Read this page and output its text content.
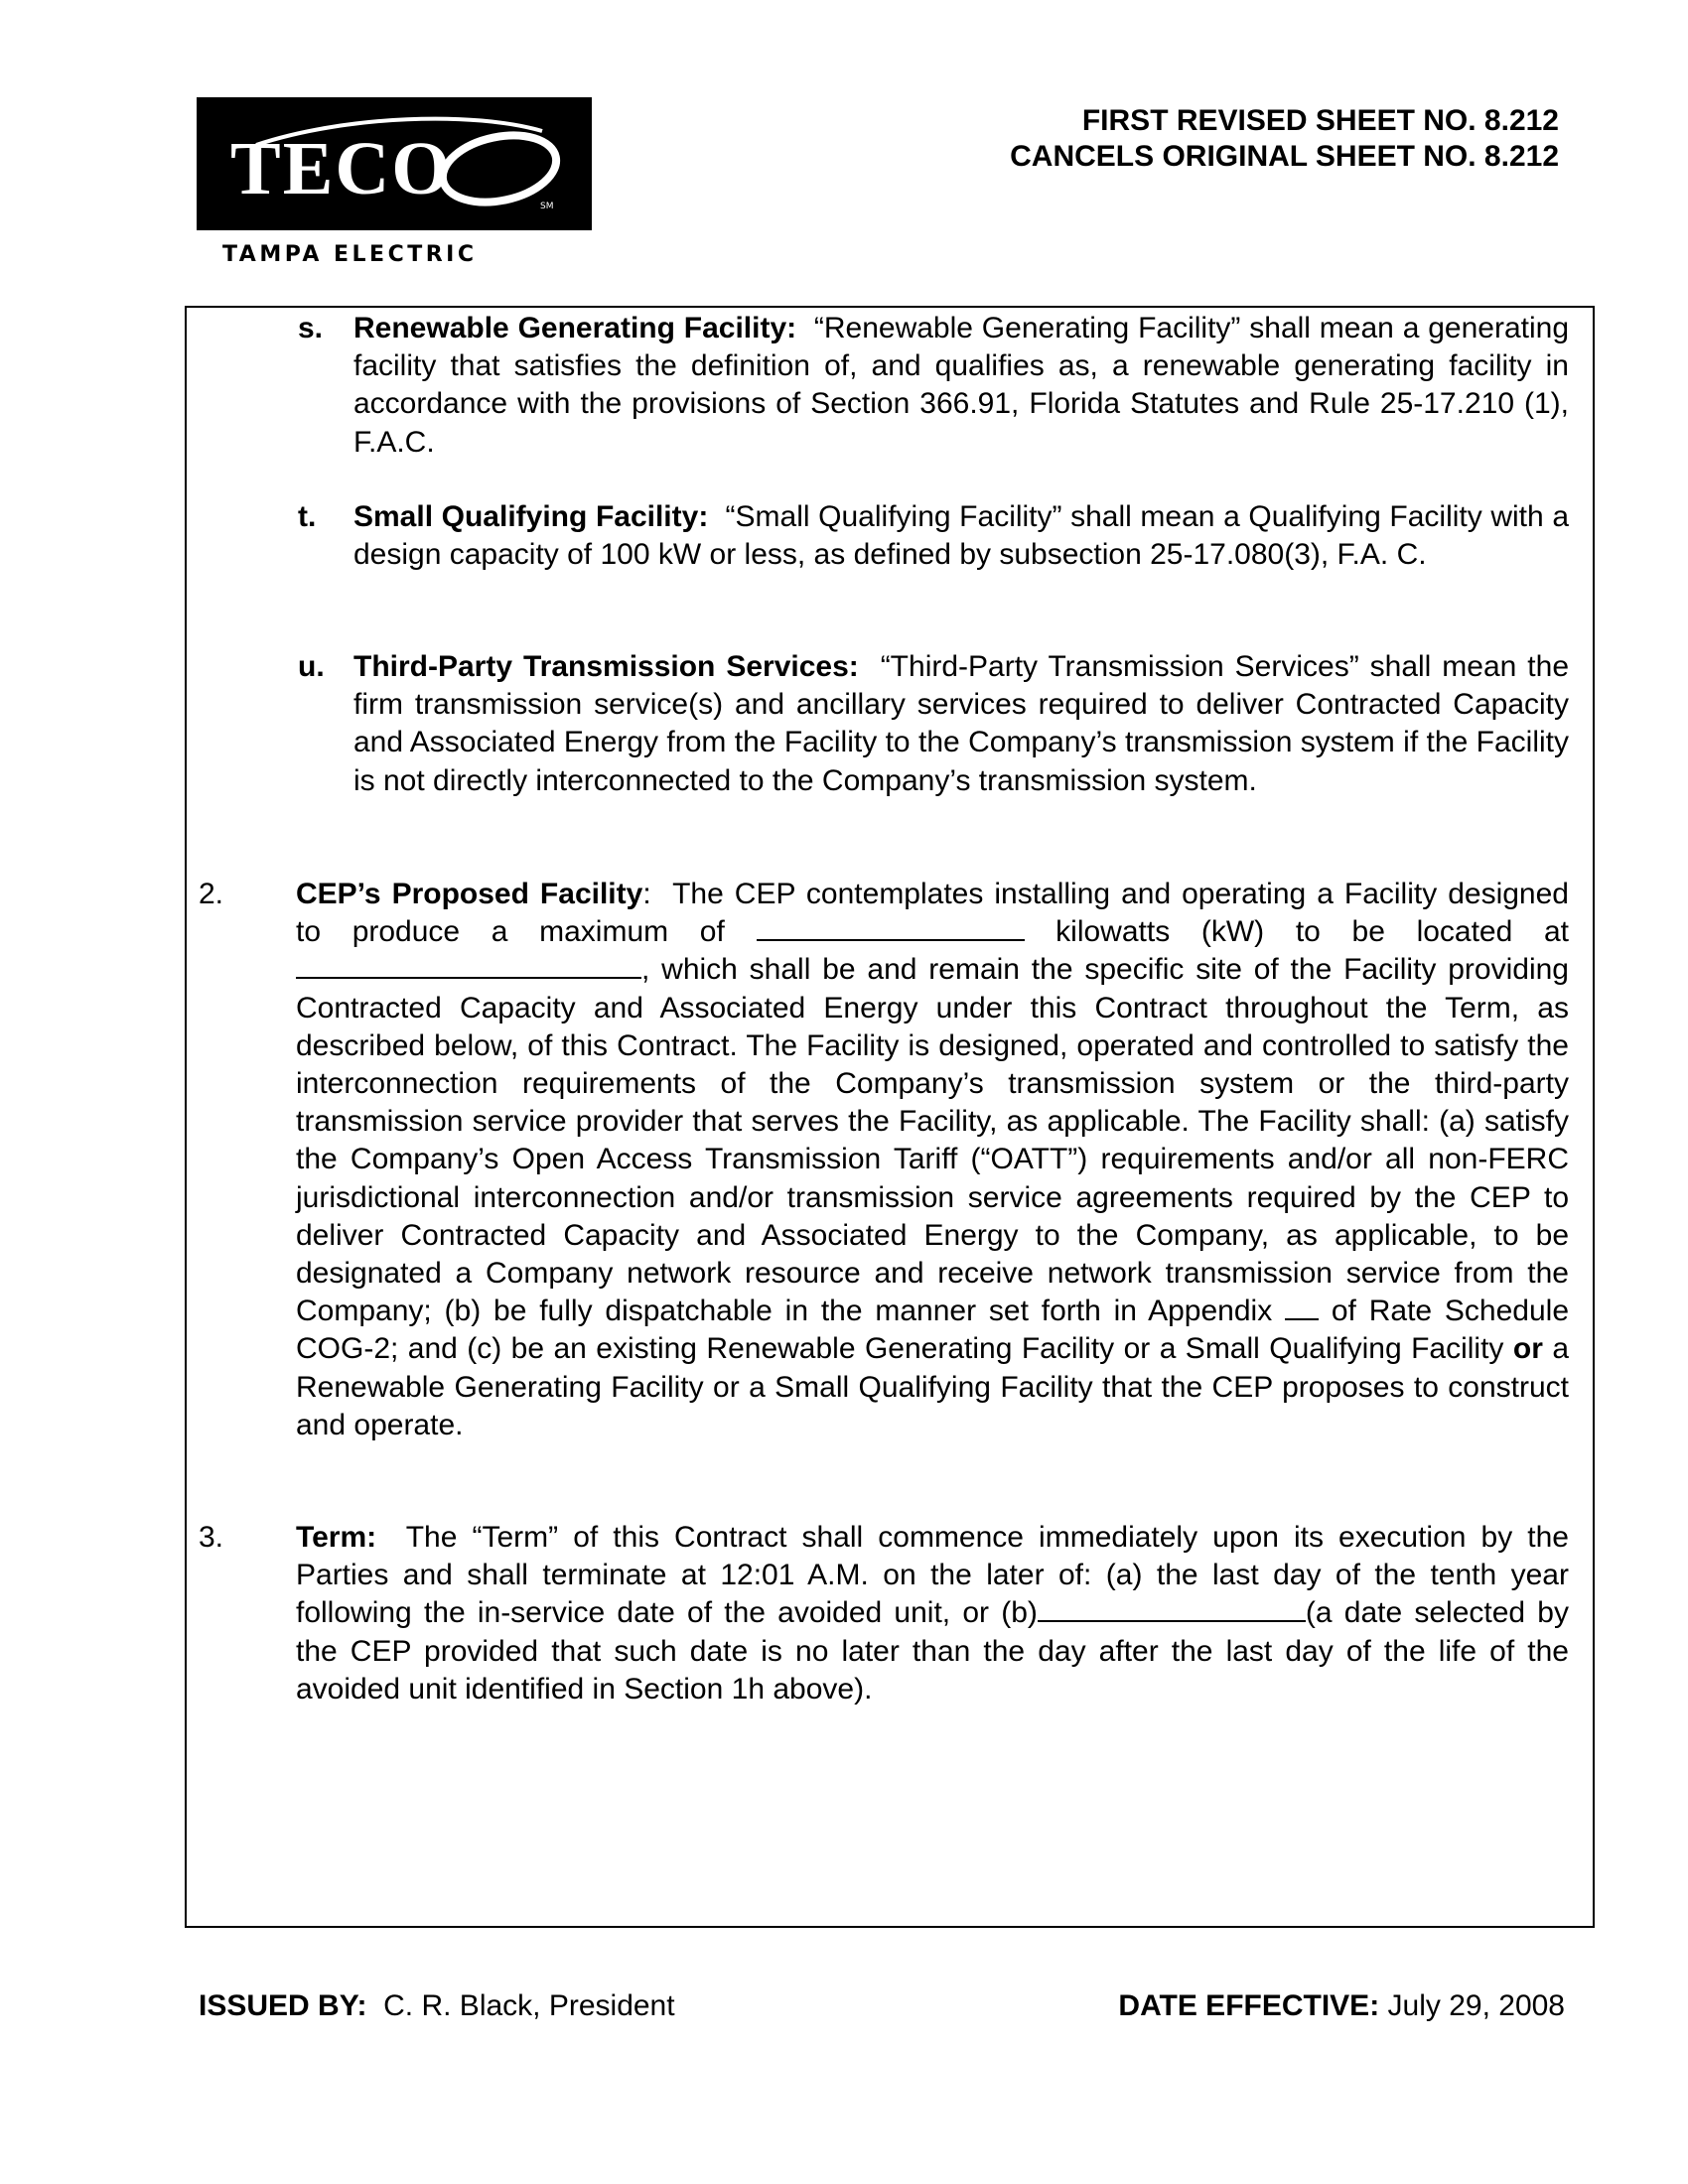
SM
TECO
TAMPA ELECTRIC
FIRST REVISED SHEET NO. 8.212
CANCELS ORIGINAL SHEET NO. 8.212
s. Renewable Generating Facility: “Renewable Generating Facility” shall mean a generating facility that satisfies the definition of, and qualifies as, a renewable generating facility in accordance with the provisions of Section 366.91, Florida Statutes and Rule 25-17.210 (1), F.A.C.
t. Small Qualifying Facility: “Small Qualifying Facility” shall mean a Qualifying Facility with a design capacity of 100 kW or less, as defined by subsection 25-17.080(3), F.A. C.
u. Third-Party Transmission Services: “Third-Party Transmission Services” shall mean the firm transmission service(s) and ancillary services required to deliver Contracted Capacity and Associated Energy from the Facility to the Company’s transmission system if the Facility is not directly interconnected to the Company’s transmission system.
2. CEP’s Proposed Facility: The CEP contemplates installing and operating a Facility designed to produce a maximum of	kilowatts (kW) to be located at , which shall be and remain the specific site of the Facility providing Contracted Capacity and Associated Energy under this Contract throughout the Term, as described below, of this Contract. The Facility is designed, operated and controlled to satisfy the interconnection requirements of the Company’s transmission system or the third-party transmission service provider that serves the Facility, as applicable. The Facility shall: (a) satisfy the Company’s Open Access Transmission Tariff (“OATT”) requirements and/or all non-FERC jurisdictional interconnection and/or transmission service agreements required by the CEP to deliver Contracted Capacity and Associated Energy to the Company, as applicable, to be designated a Company network resource and receive network transmission service from the Company; (b) be fully dispatchable in the manner set forth in Appendix of Rate Schedule COG-2; and (c) be an existing Renewable Generating Facility or a Small Qualifying Facility or a Renewable Generating Facility or a Small Qualifying Facility that the CEP proposes to construct and operate.
3. Term: The “Term” of this Contract shall commence immediately upon its execution by the Parties and shall terminate at 12:01 A.M. on the later of: (a) the last day of the tenth year following the in-service date of the avoided unit, or (b)	(a date selected by the CEP provided that such date is no later than the day after the last day of the life of the avoided unit identified in Section 1h above).
ISSUED BY: C. R. Black, President	DATE EFFECTIVE: July 29, 2008
